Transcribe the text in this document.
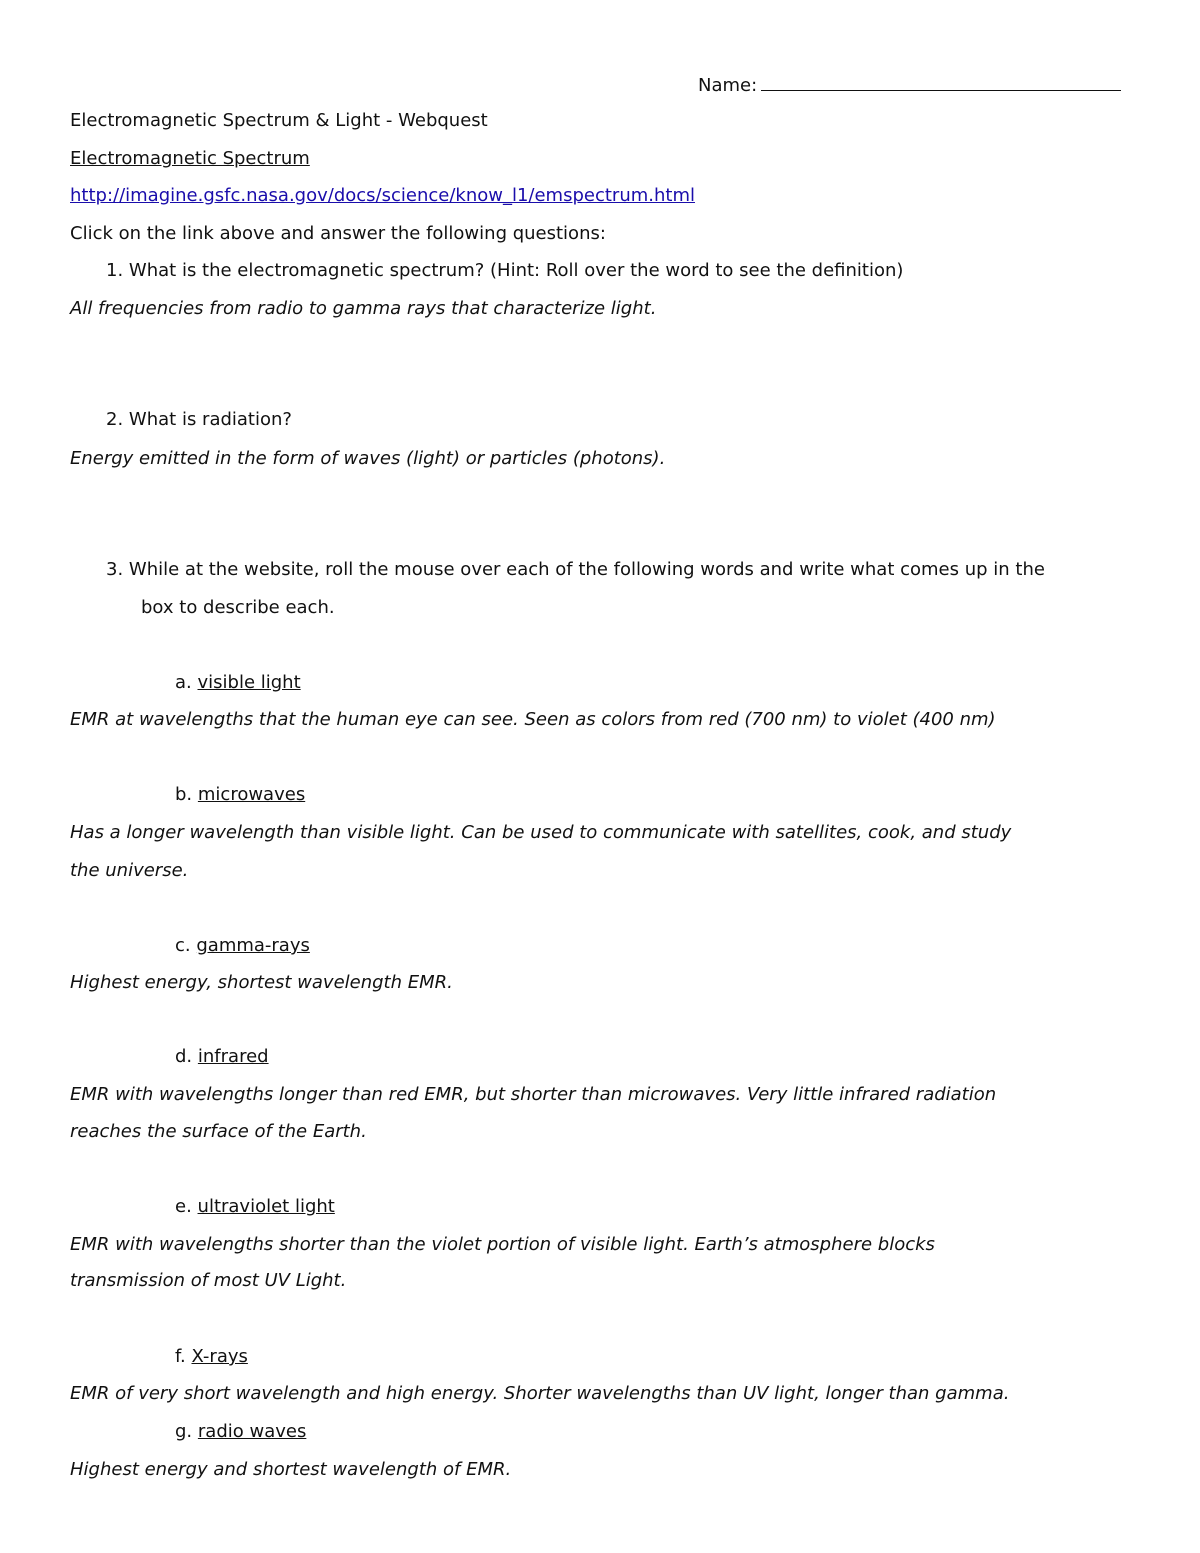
Name:
Electromagnetic Spectrum & Light - Webquest
Electromagnetic Spectrum
http://imagine.gsfc.nasa.gov/docs/science/know_l1/emspectrum.html
Click on the link above and answer the following questions:
1. What is the electromagnetic spectrum? (Hint: Roll over the word to see the definition)
All frequencies from radio to gamma rays that characterize light.
2. What is radiation?
Energy emitted in the form of waves (light) or particles (photons).
3. While at the website, roll the mouse over each of the following words and write what comes up in the
box to describe each.
a. visible light
EMR at wavelengths that the human eye can see. Seen as colors from red (700 nm) to violet (400 nm)
b. microwaves
Has a longer wavelength than visible light. Can be used to communicate with satellites, cook, and study
the universe.
c. gamma-rays
Highest energy, shortest wavelength EMR.
d. infrared
EMR with wavelengths longer than red EMR, but shorter than microwaves. Very little infrared radiation
reaches the surface of the Earth.
e. ultraviolet light
EMR with wavelengths shorter than the violet portion of visible light. Earth’s atmosphere blocks
transmission of most UV Light.
f. X-rays
EMR of very short wavelength and high energy. Shorter wavelengths than UV light, longer than gamma.
g. radio waves
Highest energy and shortest wavelength of EMR.
